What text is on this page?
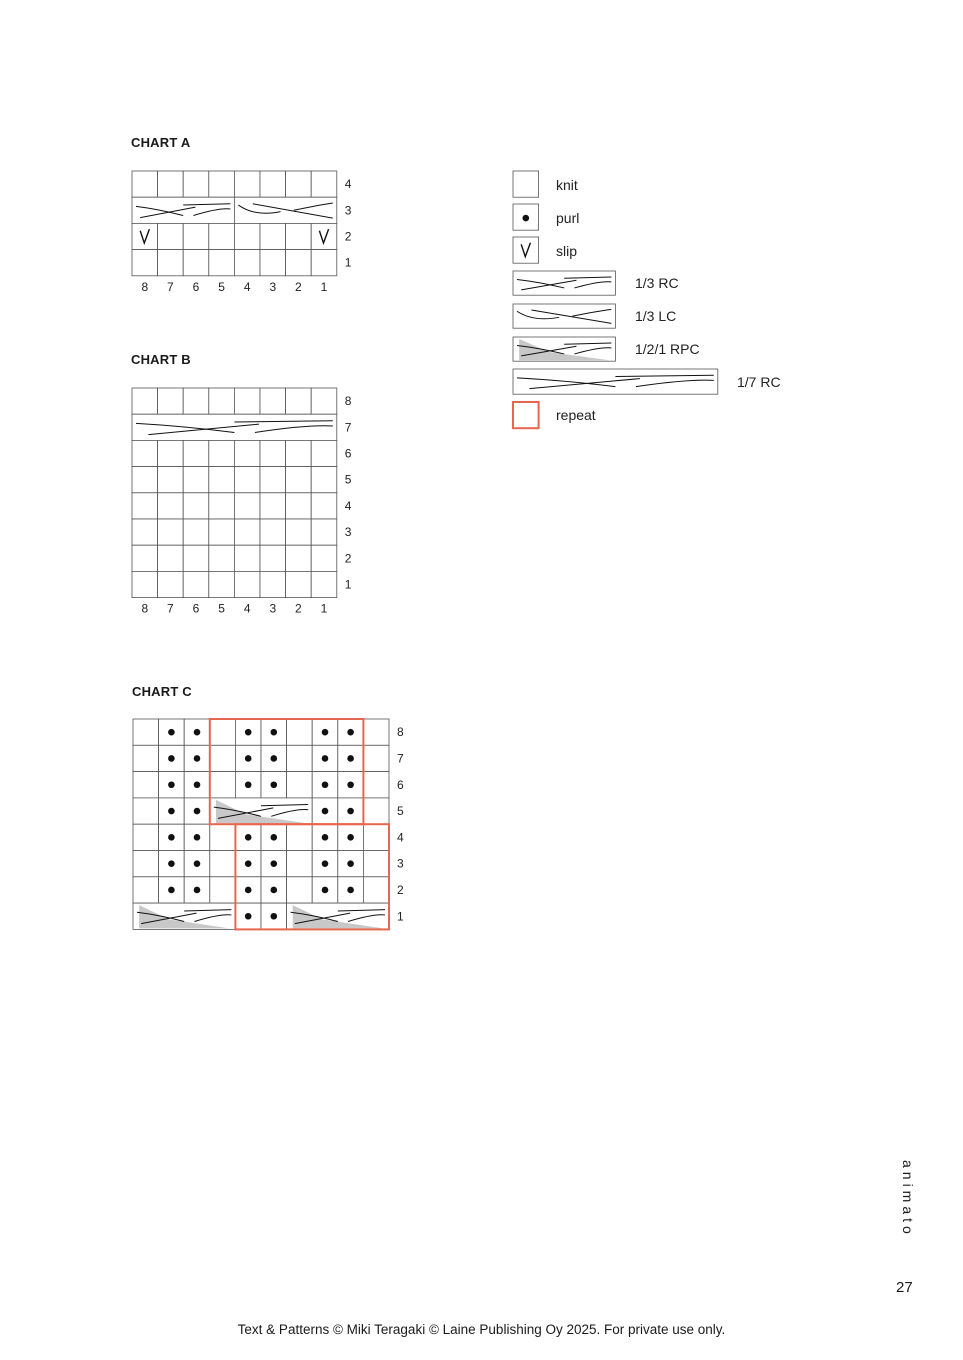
CHART A
4
3
2
1
8 7 6 5 4 3 2 1
CHART B
8
7
6
5
4
3
2
1
8 7 6 5 4 3 2 1
CHART C
8
7
6
5
4
3
2
1
knit
purl
slip
1/3 RC
1/3 LC
1/2/1 RPC
1/7 RC
repeat
animato
27
Text & Patterns © Miki Teragaki © Laine Publishing Oy 2025. For private use only.
